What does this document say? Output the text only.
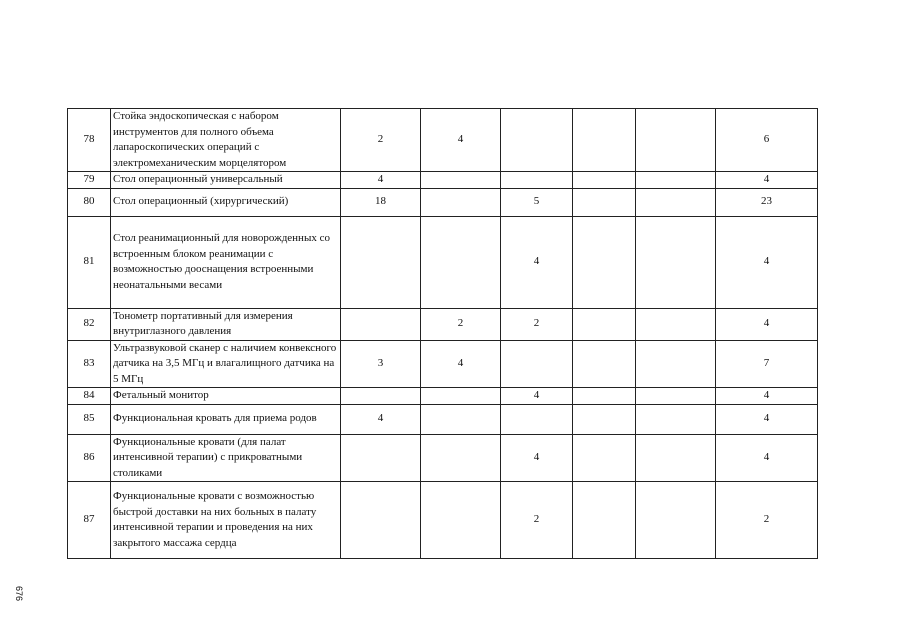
78	Стойка эндоскопическая с набором инструментов для полного объема лапароскопических операций с электромеханическим морцелятором	2	4				6
79	Стол операционный универсальный	4					4
80	Стол операционный (хирургический)	18		5			23
81	Стол реанимационный для новорожденных со встроенным блоком реанимации с возможностью дооснащения встроенными неонатальными весами			4			4
82	Тонометр портативный для измерения внутриглазного давления		2	2			4
83	Ультразвуковой сканер с наличием конвексного датчика на 3,5 МГц и влагалищного датчика на 5 МГц	3	4				7
84	Фетальный монитор			4			4
85	Функциональная кровать для приема родов	4					4
86	Функциональные кровати (для палат интенсивной терапии) с прикроватными столиками			4			4
87	Функциональные кровати с возможностью быстрой доставки на них больных в палату интенсивной терапии и проведения на них закрытого массажа сердца			2			2
676
